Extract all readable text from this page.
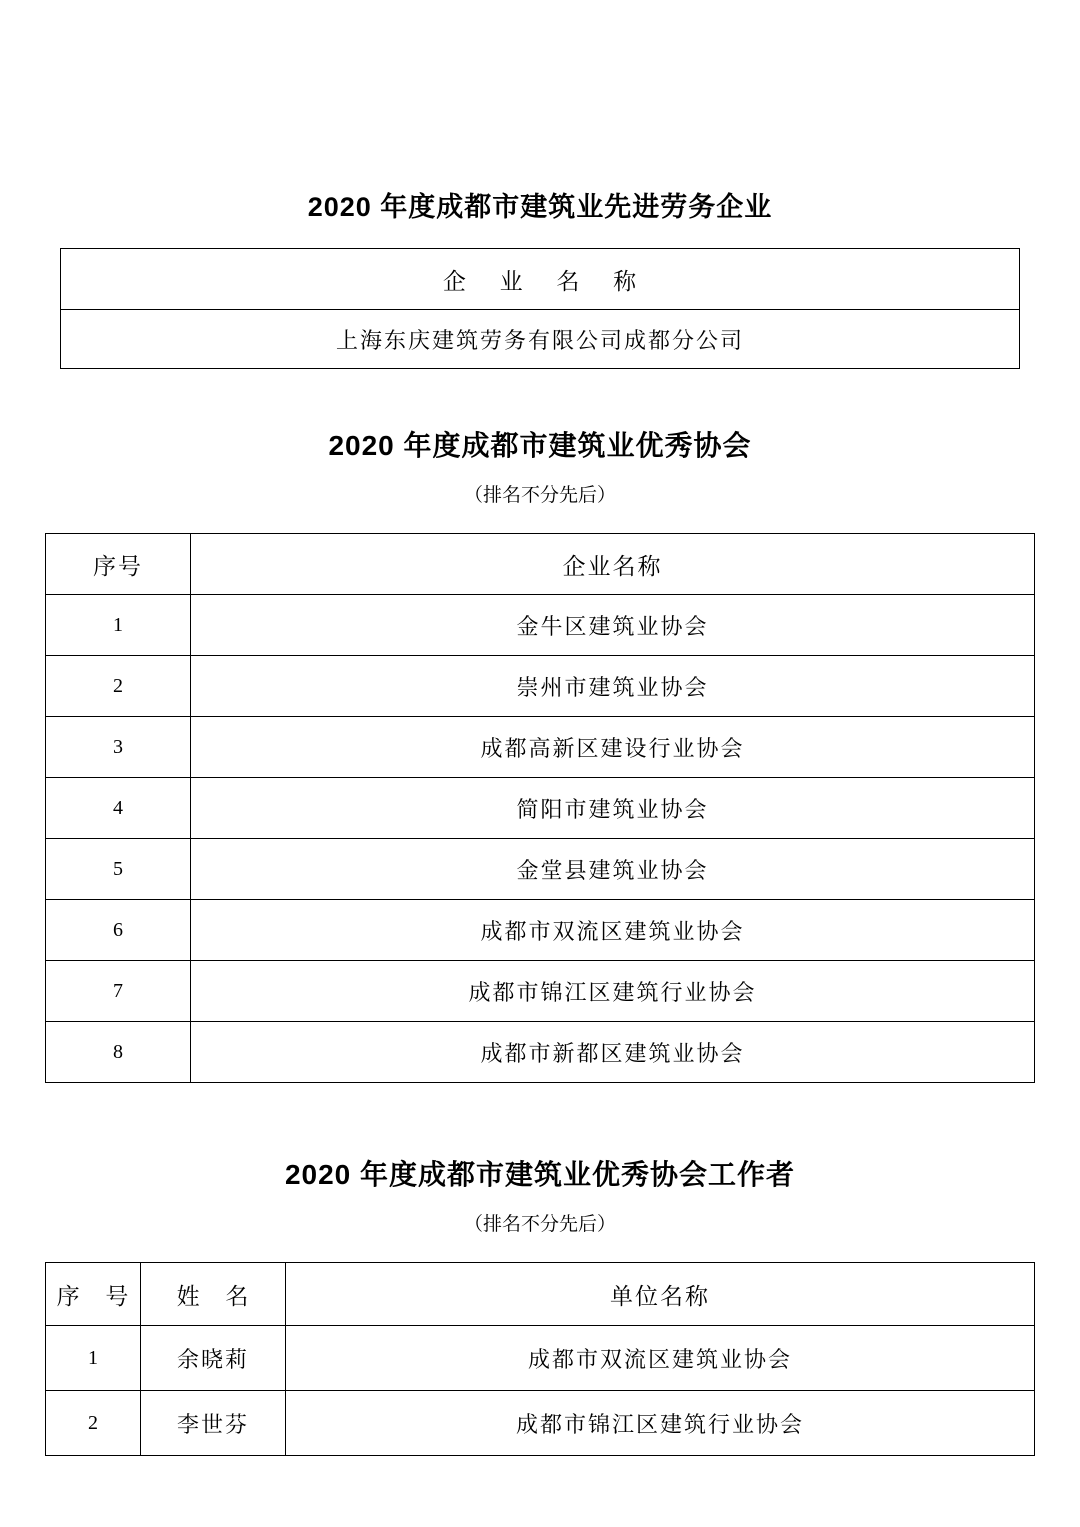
2020 年度成都市建筑业先进劳务企业
企 业 名 称
上海东庆建筑劳务有限公司成都分公司
2020 年度成都市建筑业优秀协会

（排名不分先后）

序号	企业名称
1	金牛区建筑业协会
2	崇州市建筑业协会
3	成都高新区建设行业协会
4	简阳市建筑业协会
5	金堂县建筑业协会
6	成都市双流区建筑业协会
7	成都市锦江区建筑行业协会
8	成都市新都区建筑业协会
2020 年度成都市建筑业优秀协会工作者

（排名不分先后）

序 号	姓 名	单位名称
1	余晓莉	成都市双流区建筑业协会
2	李世芬	成都市锦江区建筑行业协会
